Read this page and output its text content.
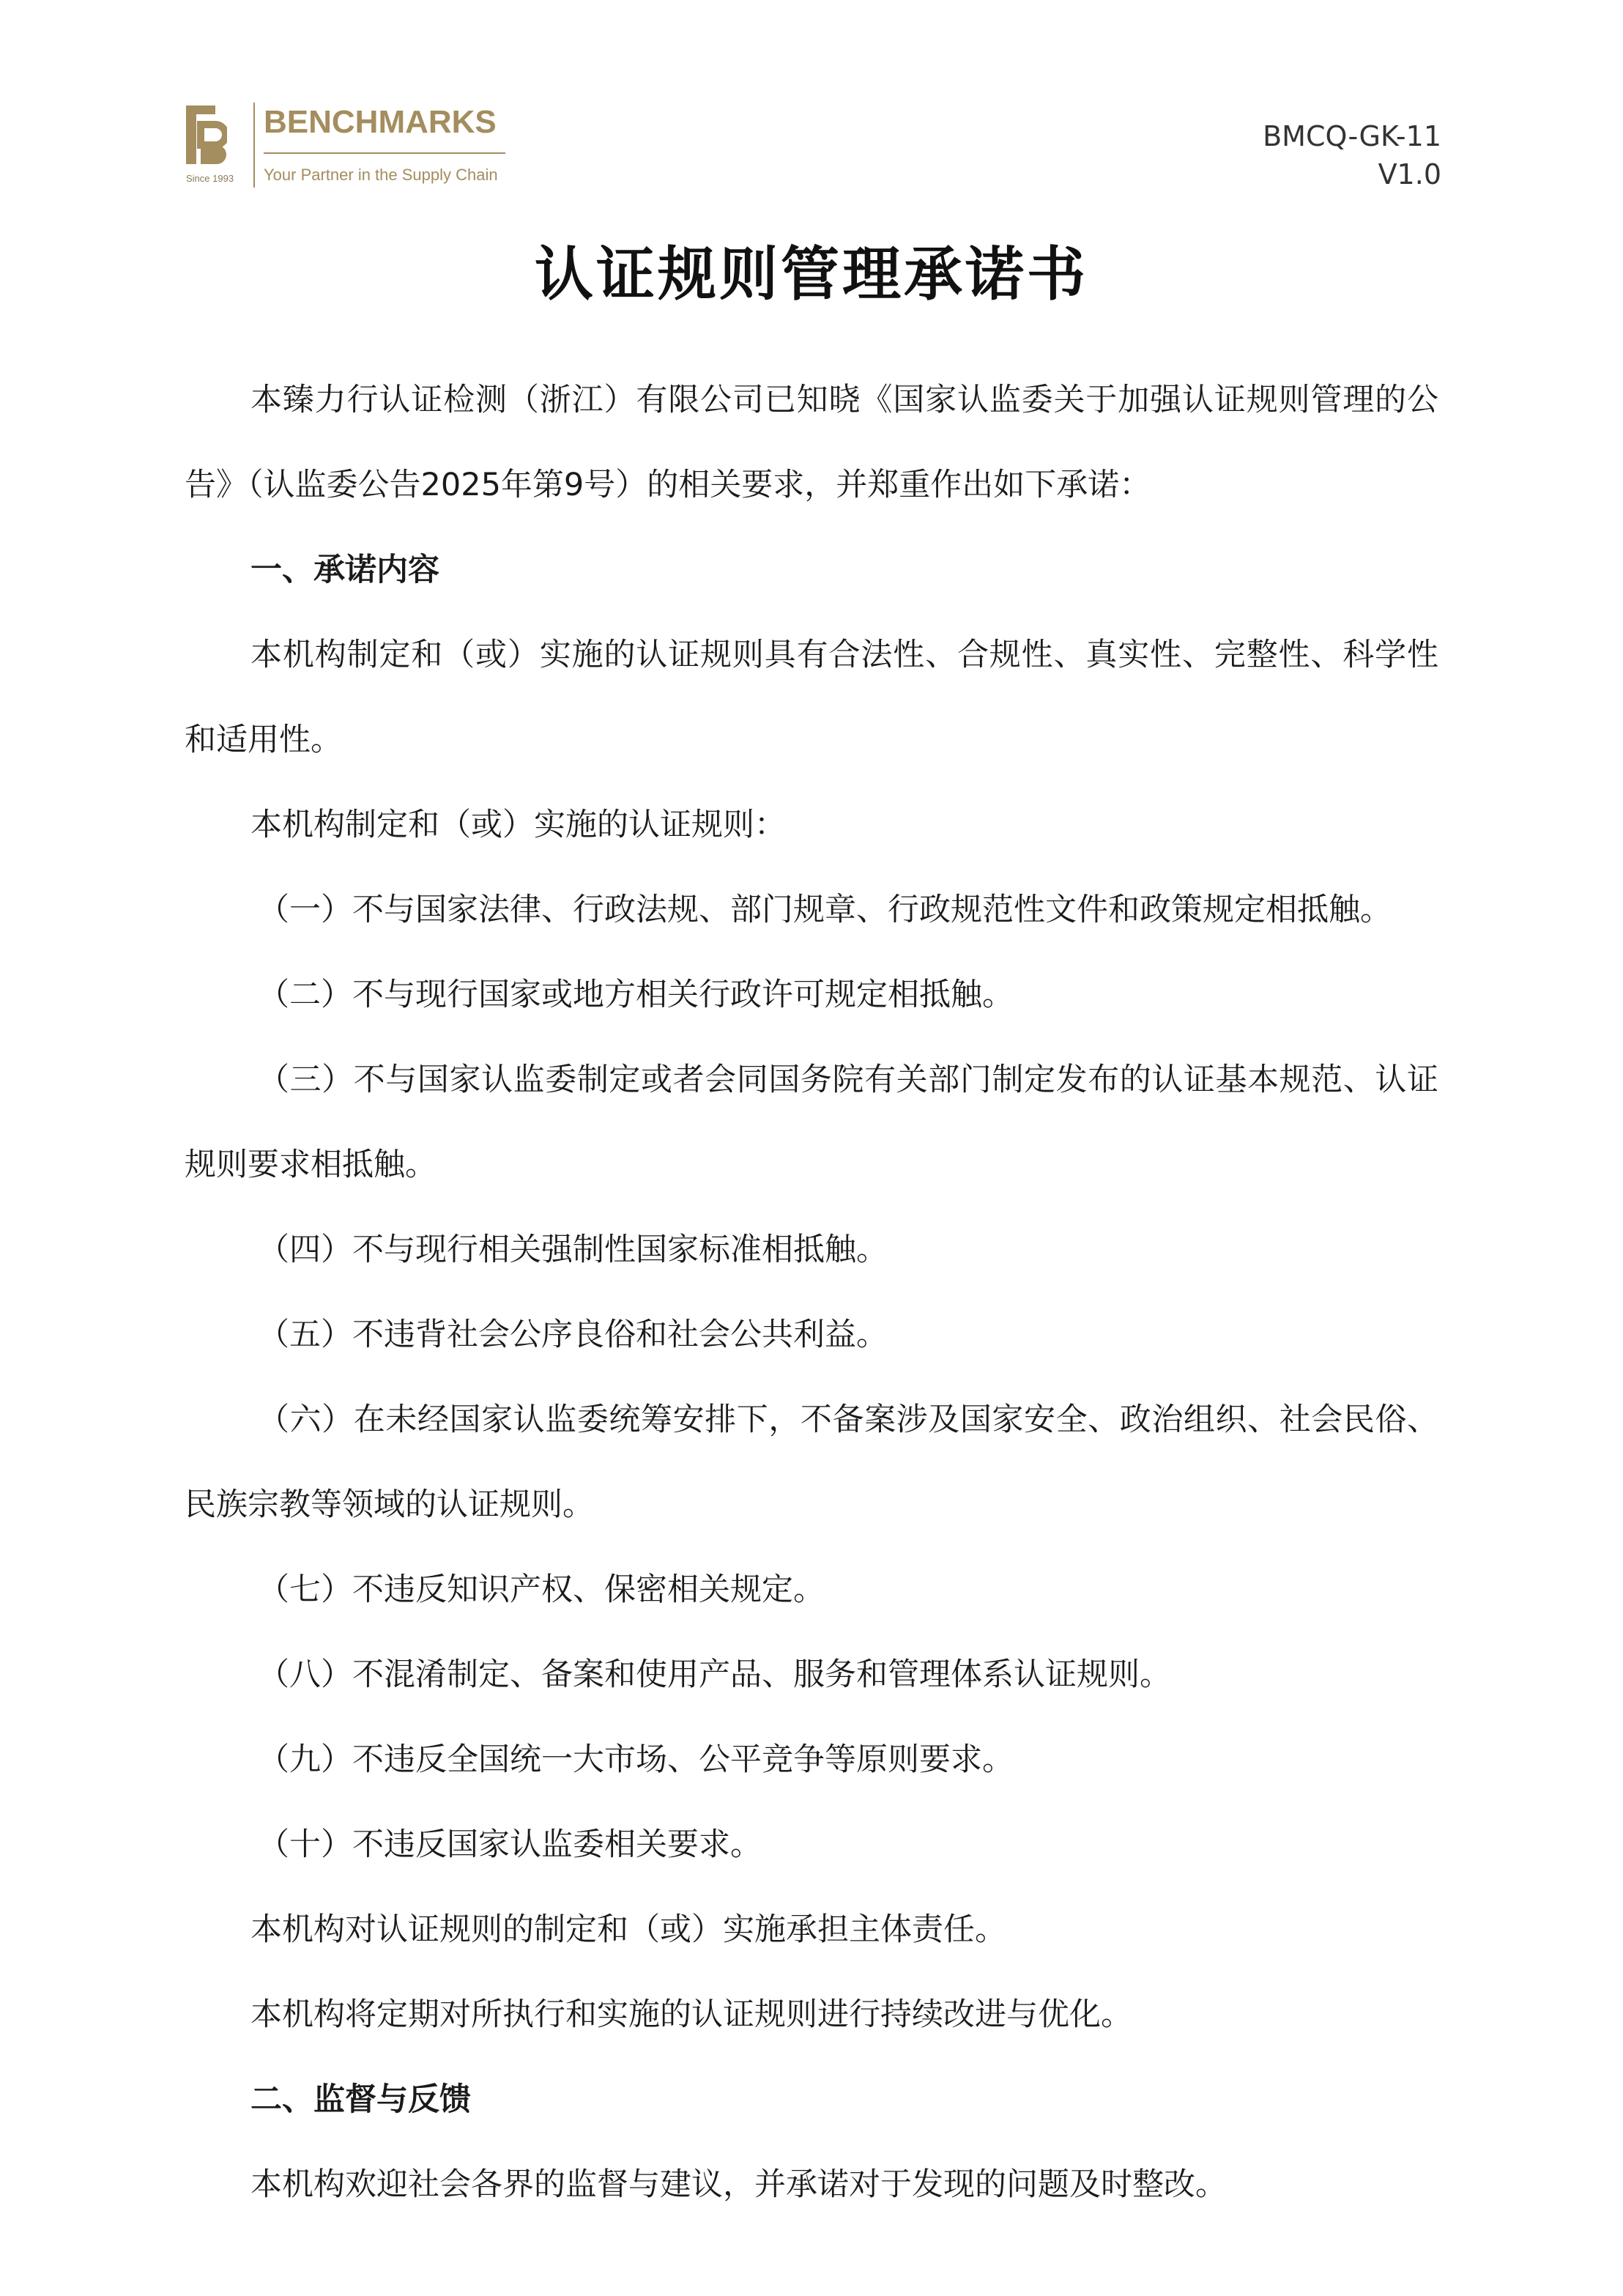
Since 1993
BENCHMARKS
Your Partner in the Supply Chain
BMCQ-GK-11
V1.0
认证规则管理承诺书

本臻力行认证检测（浙江）有限公司已知晓《国家认监委关于加强认证规则管理的公告》（认监委公告2025年第9号）的相关要求，并郑重作出如下承诺：

一、承诺内容

本机构制定和（或）实施的认证规则具有合法性、合规性、真实性、完整性、科学性和适用性。

本机构制定和（或）实施的认证规则：

（一）不与国家法律、行政法规、部门规章、行政规范性文件和政策规定相抵触。

（二）不与现行国家或地方相关行政许可规定相抵触。

（三）不与国家认监委制定或者会同国务院有关部门制定发布的认证基本规范、认证规则要求相抵触。

（四）不与现行相关强制性国家标准相抵触。

（五）不违背社会公序良俗和社会公共利益。

（六）在未经国家认监委统筹安排下，不备案涉及国家安全、政治组织、社会民俗、民族宗教等领域的认证规则。

（七）不违反知识产权、保密相关规定。

（八）不混淆制定、备案和使用产品、服务和管理体系认证规则。

（九）不违反全国统一大市场、公平竞争等原则要求。

（十）不违反国家认监委相关要求。

本机构对认证规则的制定和（或）实施承担主体责任。

本机构将定期对所执行和实施的认证规则进行持续改进与优化。

二、监督与反馈

本机构欢迎社会各界的监督与建议，并承诺对于发现的问题及时整改。
